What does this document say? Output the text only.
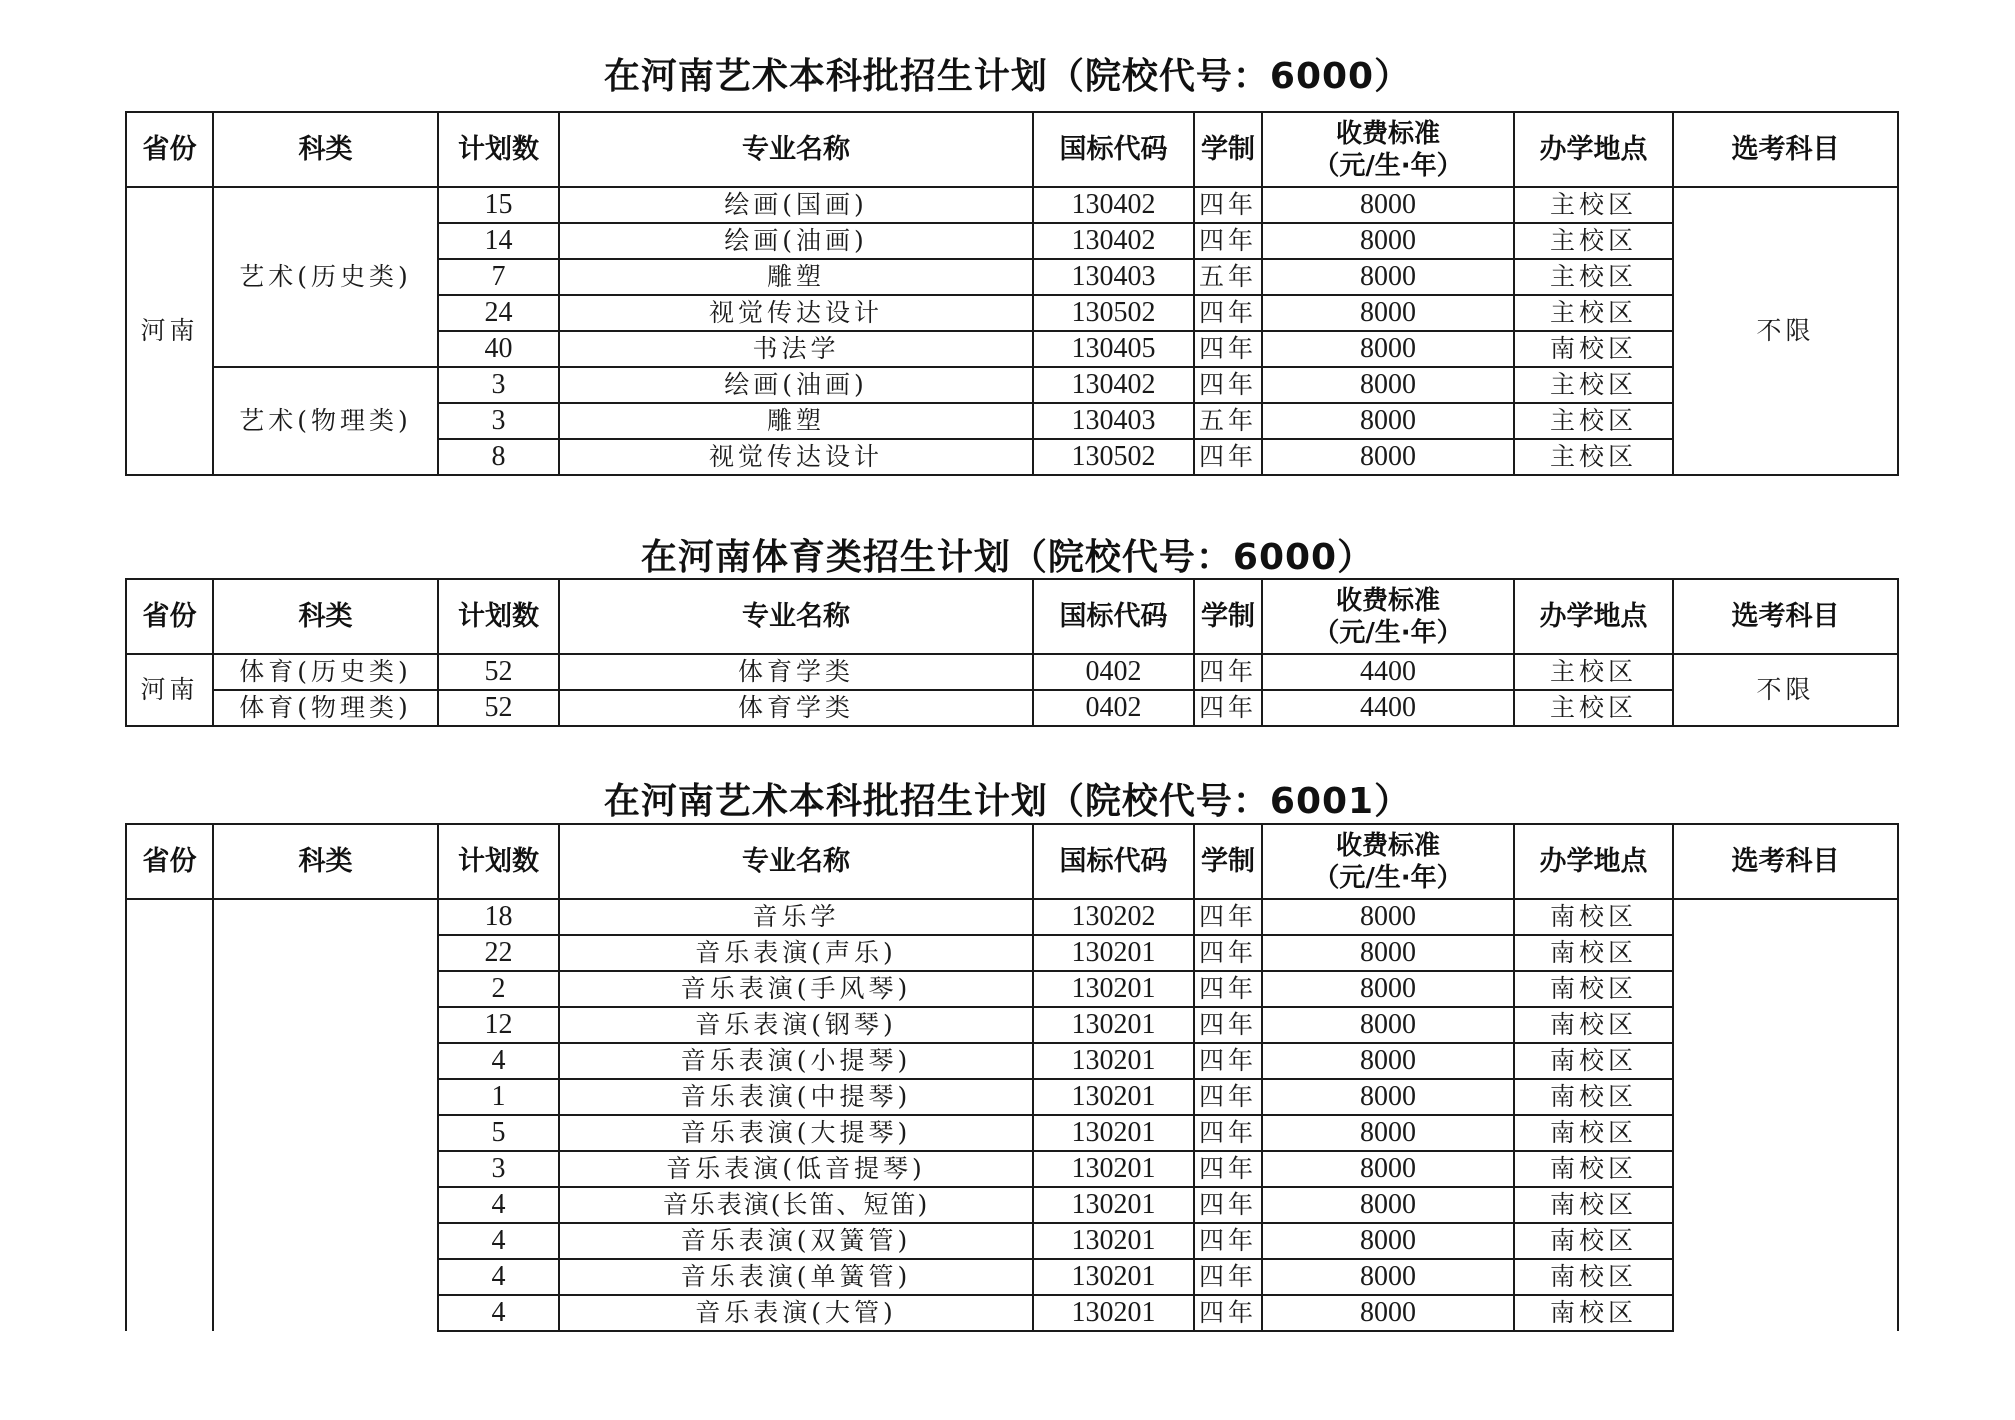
在河南艺术本科批招生计划（院校代号：6000）
省份	科类	计划数	专业名称	国标代码	学制	收费标准
（元/生·年）	办学地点	选考科目
河南	艺术(历史类)	15	绘画(国画)	130402	四年	8000	主校区	不限
		14	绘画(油画)	130402	四年	8000	主校区	
		7	雕塑	130403	五年	8000	主校区	
		24	视觉传达设计	130502	四年	8000	主校区	
		40	书法学	130405	四年	8000	南校区	
	艺术(物理类)	3	绘画(油画)	130402	四年	8000	主校区	
		3	雕塑	130403	五年	8000	主校区	
		8	视觉传达设计	130502	四年	8000	主校区	
在河南体育类招生计划（院校代号：6000）
省份	科类	计划数	专业名称	国标代码	学制	收费标准
（元/生·年）	办学地点	选考科目
河南	体育(历史类)	52	体育学类	0402	四年	4400	主校区	不限
	体育(物理类)	52	体育学类	0402	四年	4400	主校区	
在河南艺术本科批招生计划（院校代号：6001）
省份	科类	计划数	专业名称	国标代码	学制	收费标准
（元/生·年）	办学地点	选考科目
		18	音乐学	130202	四年	8000	南校区	
		22	音乐表演(声乐)	130201	四年	8000	南校区	
		2	音乐表演(手风琴)	130201	四年	8000	南校区	
		12	音乐表演(钢琴)	130201	四年	8000	南校区	
		4	音乐表演(小提琴)	130201	四年	8000	南校区	
		1	音乐表演(中提琴)	130201	四年	8000	南校区	
		5	音乐表演(大提琴)	130201	四年	8000	南校区	
		3	音乐表演(低音提琴)	130201	四年	8000	南校区	
		4	音乐表演(长笛、短笛)	130201	四年	8000	南校区	
		4	音乐表演(双簧管)	130201	四年	8000	南校区	
		4	音乐表演(单簧管)	130201	四年	8000	南校区	
		4	音乐表演(大管)	130201	四年	8000	南校区	
